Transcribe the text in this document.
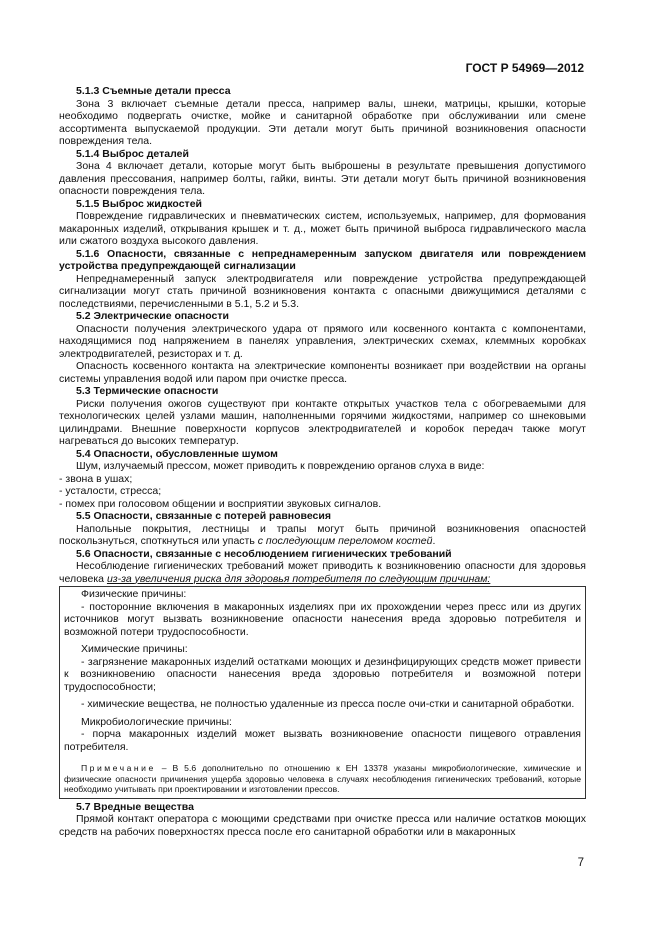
ГОСТ Р 54969—2012

5.1.3 Съемные детали пресса

Зона 3 включает съемные детали пресса, например валы, шнеки, матрицы, крышки, которые необходимо подвергать очистке, мойке и санитарной обработке при обслуживании или смене ассортимента выпускаемой продукции. Эти детали могут быть причиной возникновения опасности повреждения тела.

5.1.4 Выброс деталей

Зона 4 включает детали, которые могут быть выброшены в результате превышения допустимого давления прессования, например болты, гайки, винты. Эти детали могут быть причиной возникновения опасности повреждения тела.

5.1.5 Выброс жидкостей

Повреждение гидравлических и пневматических систем, используемых, например, для формования макаронных изделий, открывания крышек и т. д., может быть причиной выброса гидравлического масла или сжатого воздуха высокого давления.

5.1.6 Опасности, связанные с непреднамеренным запуском двигателя или повреждением устройства предупреждающей сигнализации

Непреднамеренный запуск электродвигателя или повреждение устройства предупреждающей сигнализации могут стать причиной возникновения контакта с опасными движущимися деталями с последствиями, перечисленными в 5.1, 5.2 и 5.3.

5.2 Электрические опасности

Опасности получения электрического удара от прямого или косвенного контакта с компонентами, находящимися под напряжением в панелях управления, электрических схемах, клеммных коробках электродвигателей, резисторах и т. д.

Опасность косвенного контакта на электрические компоненты возникает при воздействии на органы системы управления водой или паром при очистке пресса.

5.3 Термические опасности

Риски получения ожогов существуют при контакте открытых участков тела с обогреваемыми для технологических целей узлами машин, наполненными горячими жидкостями, например со шнековыми цилиндрами. Внешние поверхности корпусов электродвигателей и коробок передач также могут нагреваться до высоких температур.

5.4 Опасности, обусловленные шумом

Шум, излучаемый прессом, может приводить к повреждению органов слуха в виде:

- звона в ушах;

- усталости, стресса;

- помех при голосовом общении и восприятии звуковых сигналов.

5.5 Опасности, связанные с потерей равновесия

Напольные покрытия, лестницы и трапы могут быть причиной возникновения опасностей поскользнуться, споткнуться или упасть с последующим переломом костей.

5.6 Опасности, связанные с несоблюдением гигиенических требований

Несоблюдение гигиенических требований может приводить к возникновению опасности для здоровья человека из-за увеличения риска для здоровья потребителя по следующим причинам:

Физические причины:

- посторонние включения в макаронных изделиях при их прохождении через пресс или из других источников могут вызвать возникновение опасности нанесения вреда здоровью потребителя и возможной потери трудоспособности.

Химические причины:

- загрязнение макаронных изделий остатками моющих и дезинфицирующих средств может привести к возникновению опасности нанесения вреда здоровью потребителя и возможной потери трудоспособности;

- химические вещества, не полностью удаленные из пресса после очи-стки и санитарной обработки.

Микробиологические причины:

- порча макаронных изделий может вызвать возникновение опасности пищевого отравления потребителя.

Примечание – В 5.6 дополнительно по отношению к ЕН 13378 указаны микробиологические, химические и физические опасности причинения ущерба здоровью человека в случаях несоблюдения гигиенических требований, которые необходимо учитывать при проектировании и изготовлении прессов.

5.7 Вредные вещества

Прямой контакт оператора с моющими средствами при очистке пресса или наличие остатков моющих средств на рабочих поверхностях пресса после его санитарной обработки или в макаронных

7
